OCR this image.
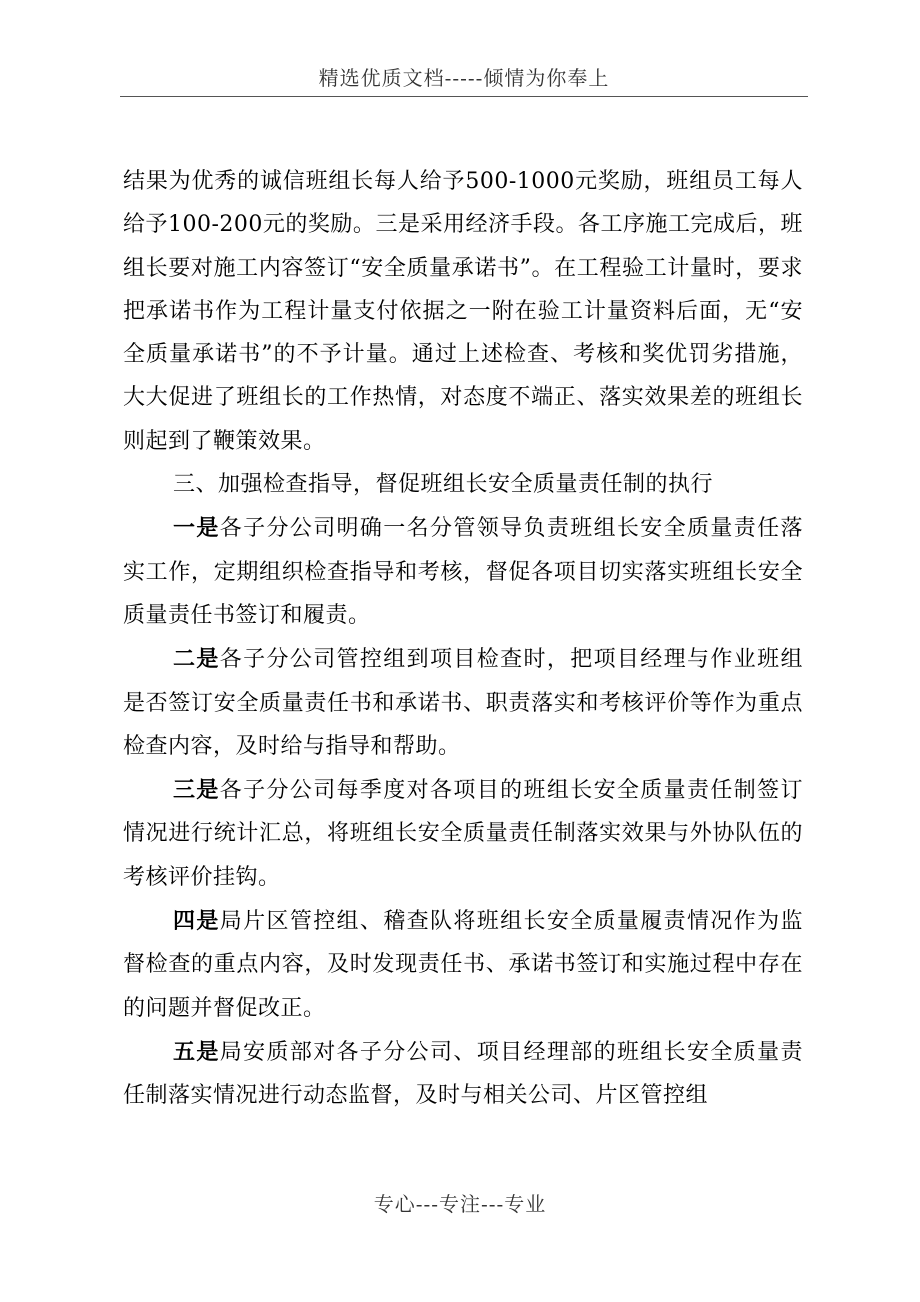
精选优质文档-----倾情为你奉上

结果为优秀的诚信班组长每人给予500-1000元奖励，班组员工每人给予100-200元的奖励。三是采用经济手段。各工序施工完成后，班组长要对施工内容签订“安全质量承诺书”。在工程验工计量时，要求把承诺书作为工程计量支付依据之一附在验工计量资料后面，无“安全质量承诺书”的不予计量。通过上述检查、考核和奖优罚劣措施，大大促进了班组长的工作热情，对态度不端正、落实效果差的班组长则起到了鞭策效果。

三、加强检查指导，督促班组长安全质量责任制的执行

一是各子分公司明确一名分管领导负责班组长安全质量责任落实工作，定期组织检查指导和考核，督促各项目切实落实班组长安全质量责任书签订和履责。

二是各子分公司管控组到项目检查时，把项目经理与作业班组是否签订安全质量责任书和承诺书、职责落实和考核评价等作为重点检查内容，及时给与指导和帮助。

三是各子分公司每季度对各项目的班组长安全质量责任制签订情况进行统计汇总，将班组长安全质量责任制落实效果与外协队伍的考核评价挂钩。

四是局片区管控组、稽查队将班组长安全质量履责情况作为监督检查的重点内容，及时发现责任书、承诺书签订和实施过程中存在的问题并督促改正。

五是局安质部对各子分公司、项目经理部的班组长安全质量责任制落实情况进行动态监督，及时与相关公司、片区管控组

专心---专注---专业
